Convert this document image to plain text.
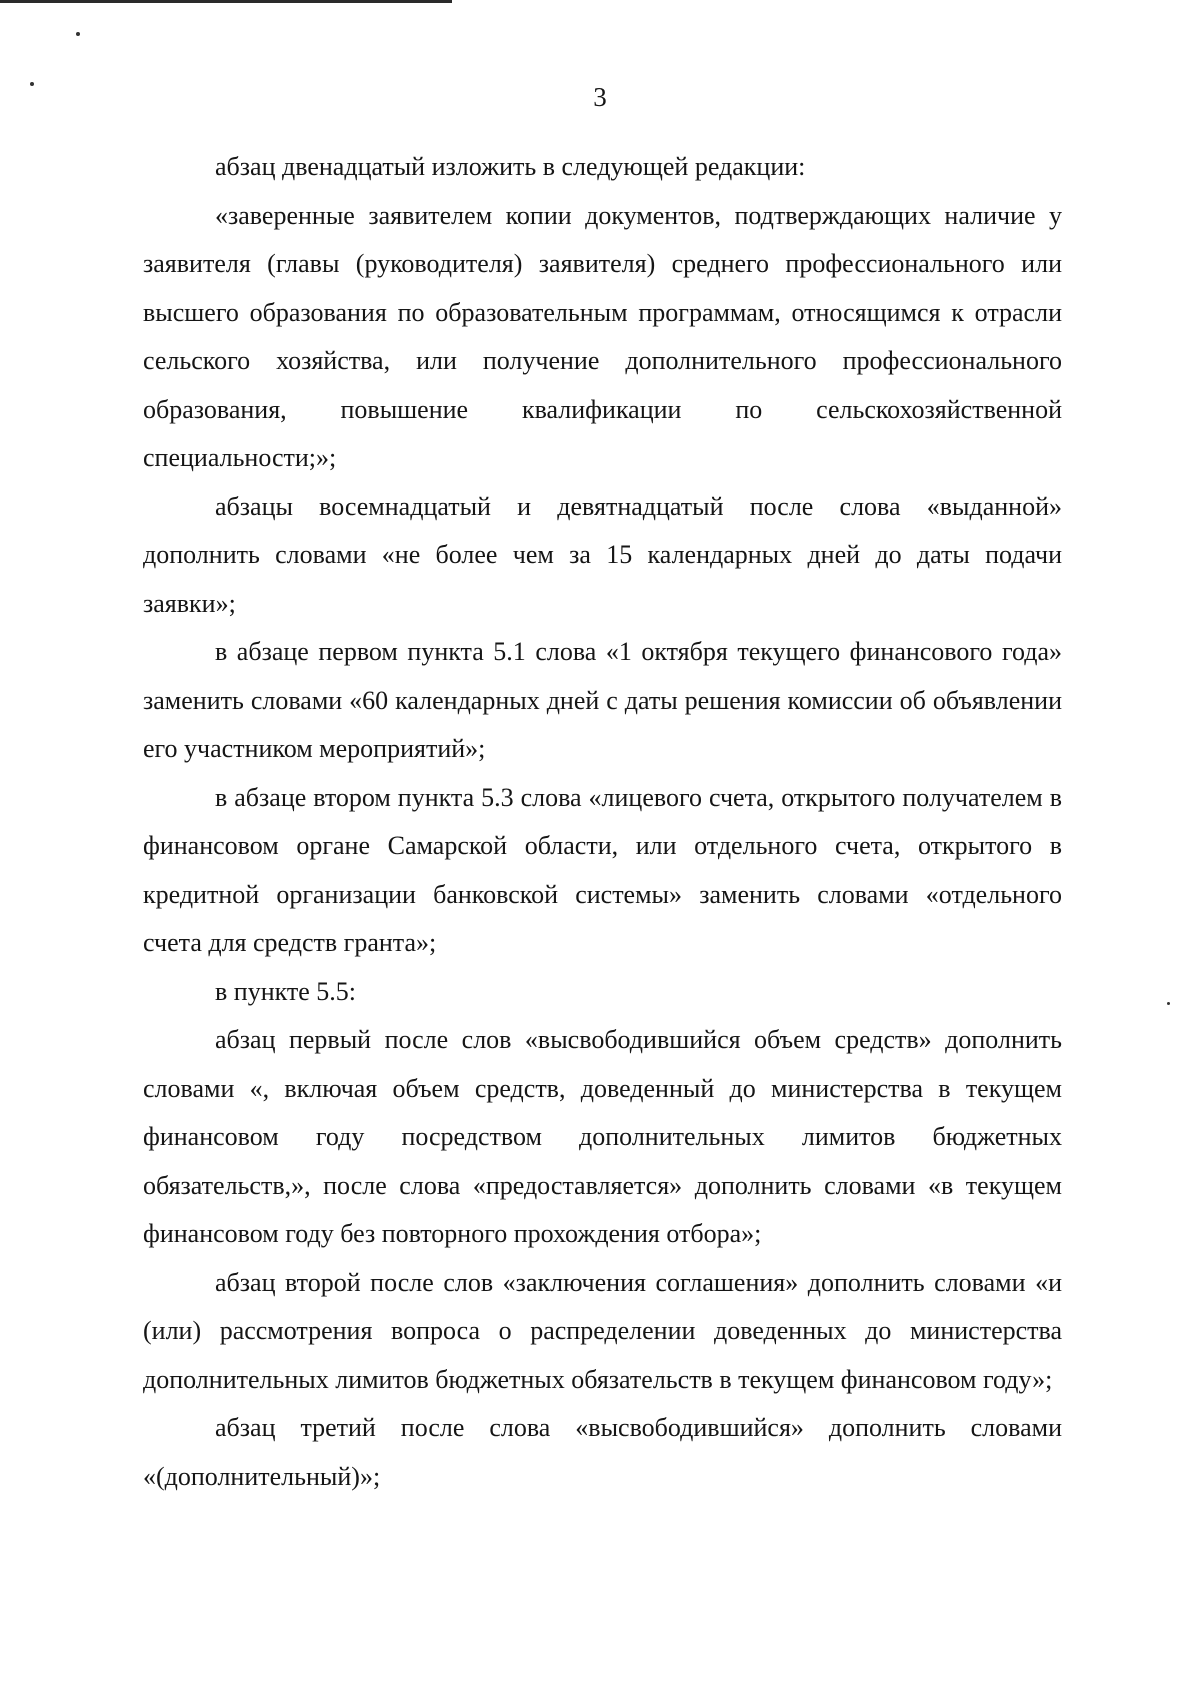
3

абзац двенадцатый изложить в следующей редакции:

«заверенные заявителем копии документов, подтверждающих наличие у заявителя (главы (руководителя) заявителя) среднего профессионального или высшего образования по образовательным программам, относящимся к отрасли сельского хозяйства, или получение дополнительного профессионального образования, повышение квалификации по сельскохозяйственной специальности;»;

абзацы восемнадцатый и девятнадцатый после слова «выданной» дополнить словами «не более чем за 15 календарных дней до даты подачи заявки»;

в абзаце первом пункта 5.1 слова «1 октября текущего финансового года» заменить словами «60 календарных дней с даты решения комиссии об объявлении его участником мероприятий»;

в абзаце втором пункта 5.3 слова «лицевого счета, открытого получателем в финансовом органе Самарской области, или отдельного счета, открытого в кредитной организации банковской системы» заменить словами «отдельного счета для средств гранта»;

в пункте 5.5:

абзац первый после слов «высвободившийся объем средств» дополнить словами «, включая объем средств, доведенный до министерства в текущем финансовом году посредством дополнительных лимитов бюджетных обязательств,», после слова «предоставляется» дополнить словами «в текущем финансовом году без повторного прохождения отбора»;

абзац второй после слов «заключения соглашения» дополнить словами «и (или) рассмотрения вопроса о распределении доведенных до министерства дополнительных лимитов бюджетных обязательств в текущем финансовом году»;

абзац третий после слова «высвободившийся» дополнить словами «(дополнительный)»;
